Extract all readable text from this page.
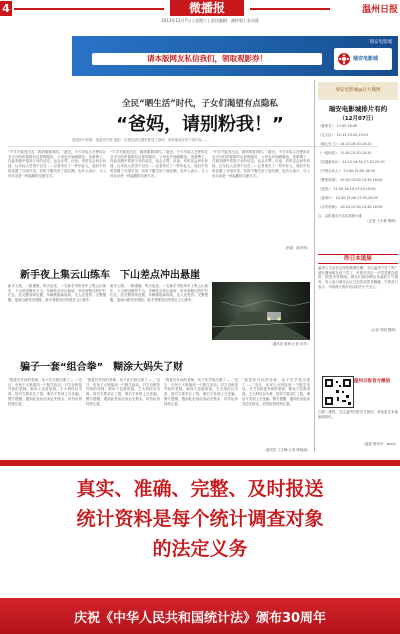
4	微播报	温州日报
2013年12月7日 | 星期六 | 责任编辑：潘仲强 | 金河燕
瑞安电影城
请本版网友私信我们，领取观影券！	瑞安电影城
全民“晒生活”时代，子女们渴望有点隐私
“爸妈，请别粉我！”
@温州小熊猫：@温州日报·瑞阳：在微信朋友圈里都加了爸妈，我和他朋友的不同内容……
“不对不能发出去，我妈要看到的。”最近，不少年轻人在使用社交平台的时候都有这样的顾虑，父母也开始刷微信、发微博了，在朋友圈中看到子女的动态，也会点赞、评论，有时还会问东问西，让年轻人觉得不自在……记者采访了一些年轻人，他们中有的设置了分组可见，有的干脆关闭了朋友圈，也有人表示，与父母互动是一种温暖的交流方式。
“不对不能发出去，我妈要看到的。”最近，不少年轻人在使用社交平台的时候都有这样的顾虑，父母也开始刷微信、发微博了，在朋友圈中看到子女的动态，也会点赞、评论，有时还会问东问西，让年轻人觉得不自在……记者采访了一些年轻人，他们中有的设置了分组可见，有的干脆关闭了朋友圈，也有人表示，与父母互动是一种温暖的交流方式。
“不对不能发出去，我妈要看到的。”最近，不少年轻人在使用社交平台的时候都有这样的顾虑，父母也开始刷微信、发微博了，在朋友圈中看到子女的动态，也会点赞、评论，有时还会问东问西，让年轻人觉得不自在……记者采访了一些年轻人，他们中有的设置了分组可见，有的干脆关闭了朋友圈，也有人表示，与父母互动是一种温暖的交流方式。
（来源：新华网）
新手夜上集云山练车　下山差点冲出悬崖
新手上路，一路谨慎。昨天夜里，一名新手司机驾车上集云山练车，下山时因操作不当，车辆差点冲出悬崖，所幸被路边的护栏拦住。经交警到场处置，车辆被拖离现场，无人员受伤。交警提醒，夜间山路弯多坡陡，新手驾驶员切勿独自上山练车。
新手上路，一路谨慎。昨天夜里，一名新手司机驾车上集云山练车，下山时因操作不当，车辆差点冲出悬崖，所幸被路边的护栏拦住。经交警到场处置，车辆被拖离现场，无人员受伤。交警提醒，夜间山路弯多坡陡，新手驾驶员切勿独自上山练车。
（通讯员 黄海 记者 孙华）
骗子一套“组合拳”　糊涂大妈失了财
“我是你外孙的老师，孩子在学校出事了……”近日，市民王大妈接到一个陌生电话，对方自称是外孙的老师，称孩子急需用钱。王大妈信以为真，按对方要求汇了钱，事后才发现上当受骗。警方提醒，遇到此类电话务必先核实，切勿轻易转账汇款。
“我是你外孙的老师，孩子在学校出事了……”近日，市民王大妈接到一个陌生电话，对方自称是外孙的老师，称孩子急需用钱。王大妈信以为真，按对方要求汇了钱，事后才发现上当受骗。警方提醒，遇到此类电话务必先核实，切勿轻易转账汇款。
“我是你外孙的老师，孩子在学校出事了……”近日，市民王大妈接到一个陌生电话，对方自称是外孙的老师，称孩子急需用钱。王大妈信以为真，按对方要求汇了钱，事后才发现上当受骗。警方提醒，遇到此类电话务必先核实，切勿轻易转账汇款。
“我是你外孙的老师，孩子在学校出事了……”近日，市民王大妈接到一个陌生电话，对方自称是外孙的老师，称孩子急需用钱。王大妈信以为真，按对方要求汇了钱，事后才发现上当受骗。警方提醒，遇到此类电话务必先核实，切勿轻易转账汇款。
（通讯员 王宇峰 记者 陈晓丽）
瑞安电影城@官方微博
瑞安电影城排片有约
（12月07日）
《催命宅》：17:40,18:40
《无人区》：12:15,13:15,19:10
《地心引力》：14:20,16:20,18:20
《一夜惊喜》：11:40,13:30,15:20
《饥饿游戏2》：12:10,14:50,17:30,20:10
《中国合伙人》：13:40,15:50,18:00
《警察故事》：10:30,13:00,15:30,18:00
《怒放》：11:20,14:10,17:00,19:50
《雷神2》：13:30,15:40,17:50,20:00
《冰雪奇缘》：10:20,12:30,14:40,16:50
注：以影城当日实际放映为准
（记者 王小林 整理）
昨日本道屋
温州人生活在这里的微博吐槽：今天温州下雪了吗？朋友圈里都在说下雪了，可我在市区一片雪花都没看到，倒是冷得够呛。网友们纷纷晒出各地的天气情况，有人表示瑞安山区已经见到雪花飘落。气象部门表示，今明两天我市仍以阴冷天气为主。
（记者 李明 整理）
温州日报官方微信
扫描二维码，关注温州日报官方微信，获取更多本地新闻资讯。
（温报 微信号：wzrb）
真实、准确、完整、及时报送
统计资料是每个统计调查对象
的法定义务
庆祝《中华人民共和国统计法》颁布30周年
